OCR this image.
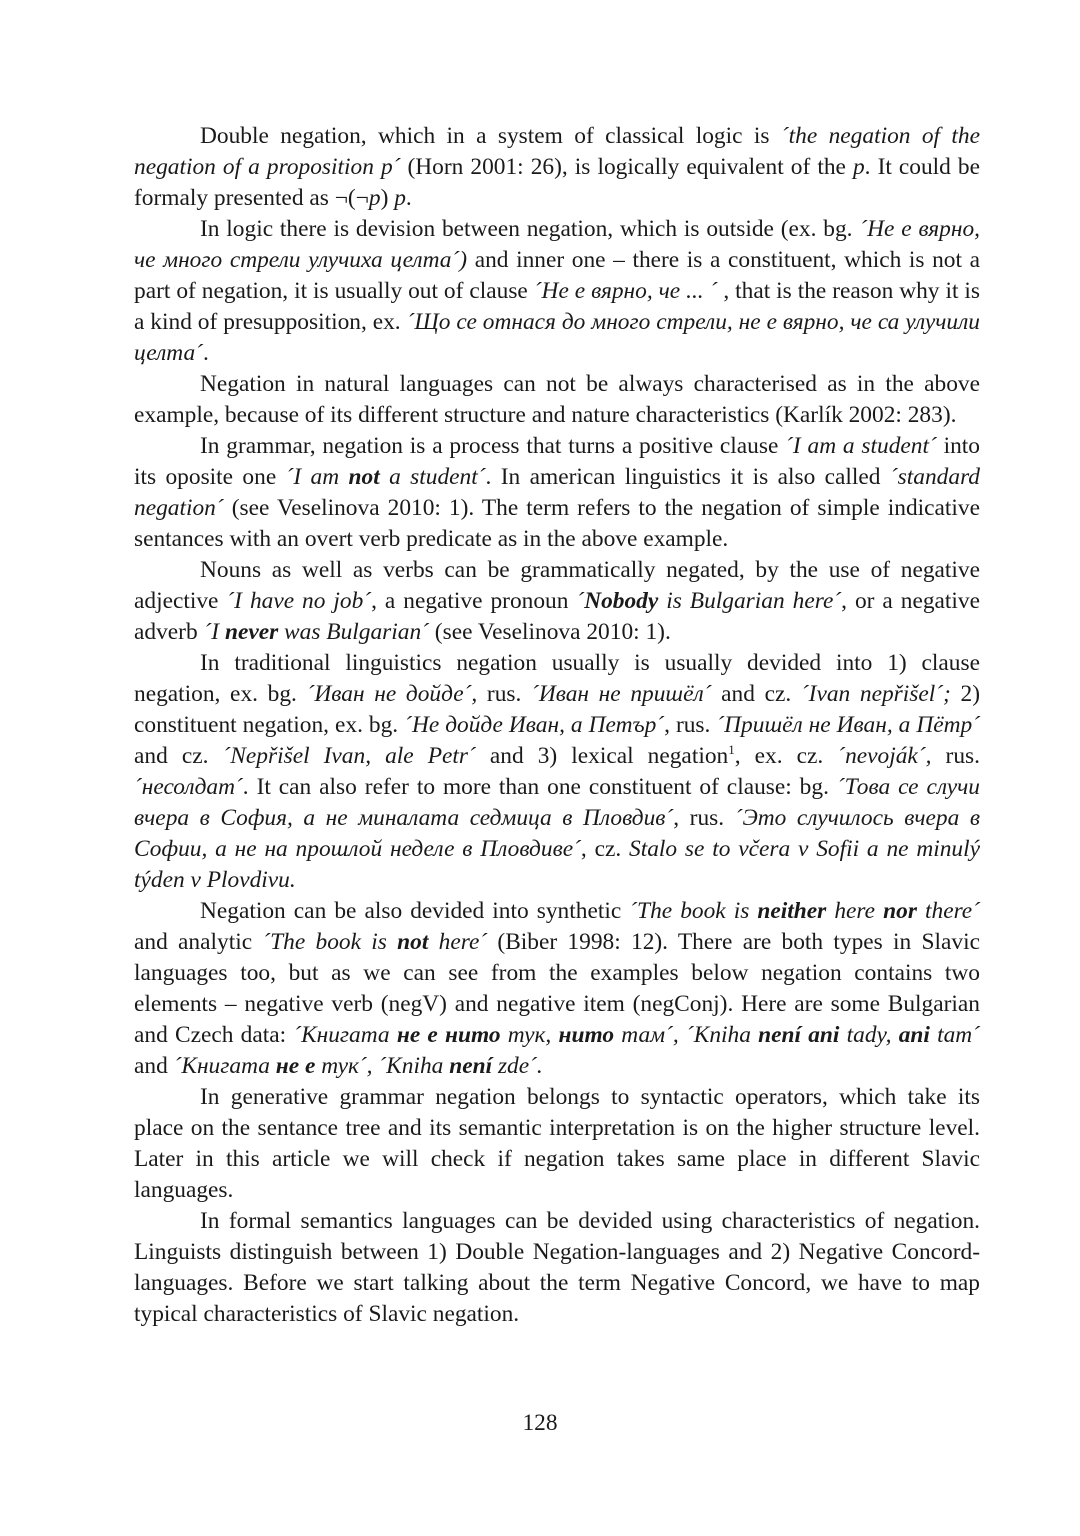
Double negation, which in a system of classical logic is ´the negation of the negation of a proposition p´ (Horn 2001: 26), is logically equivalent of the p. It could be formaly presented as ¬(¬p) p.

In logic there is devision between negation, which is outside (ex. bg. ´Не е вярно, че много стрели улучиха целта´) and inner one – there is a constituent, which is not a part of negation, it is usually out of clause ´Не е вярно, че ... ´ , that is the reason why it is a kind of presupposition, ex. ´Що се отнася до много стрели, не е вярно, че са улучили целта´.

Negation in natural languages can not be always characterised as in the above example, because of its different structure and nature characteristics (Karlík 2002: 283).

In grammar, negation is a process that turns a positive clause ´I am a student´ into its oposite one ´I am not a student´. In american linguistics it is also called ´standard negation´ (see Veselinova 2010: 1). The term refers to the negation of simple indicative sentances with an overt verb predicate as in the above example.

Nouns as well as verbs can be grammatically negated, by the use of negative adjective ´I have no job´, a negative pronoun ´Nobody is Bulgarian here´, or a negative adverb ´I never was Bulgarian´ (see Veselinova 2010: 1).

In traditional linguistics negation usually is usually devided into 1) clause negation, ex. bg. ´Иван не дойде´, rus. ´Иван не пришёл´ and cz. ´Ivan nepřišel´; 2) constituent negation, ex. bg. ´Не дойде Иван, а Петър´, rus. ´Пришёл не Иван, а Пётр´ and cz. ´Nepřišel Ivan, ale Petr´ and 3) lexical negation$^1$, ex. cz. ´nevoják´, rus. ´несолдат´. It can also refer to more than one constituent of clause: bg. ´Това се случи вчера в София, а не миналата седмица в Пловдив´, rus. ´Это случилось вчера в Софии, а не на прошлой неделе в Пловдиве´, cz. Stalo se to včera v Sofii a ne minulý týden v Plovdivu.

Negation can be also devided into synthetic ´The book is neither here nor there´ and analytic ´The book is not here´ (Biber 1998: 12). There are both types in Slavic languages too, but as we can see from the examples below negation contains two elements – negative verb (negV) and negative item (negConj). Here are some Bulgarian and Czech data: ´Книгата не е нито тук, нито там´, ´Kniha není ani tady, ani tam´ and ´Книгата не е тук´, ´Kniha není zde´.

In generative grammar negation belongs to syntactic operators, which take its place on the sentance tree and its semantic interpretation is on the higher structure level. Later in this article we will check if negation takes same place in different Slavic languages.

In formal semantics languages can be devided using characteristics of negation. Linguists distinguish between 1) Double Negation-languages and 2) Negative Concord-languages. Before we start talking about the term Negative Concord, we have to map typical characteristics of Slavic negation.

128
